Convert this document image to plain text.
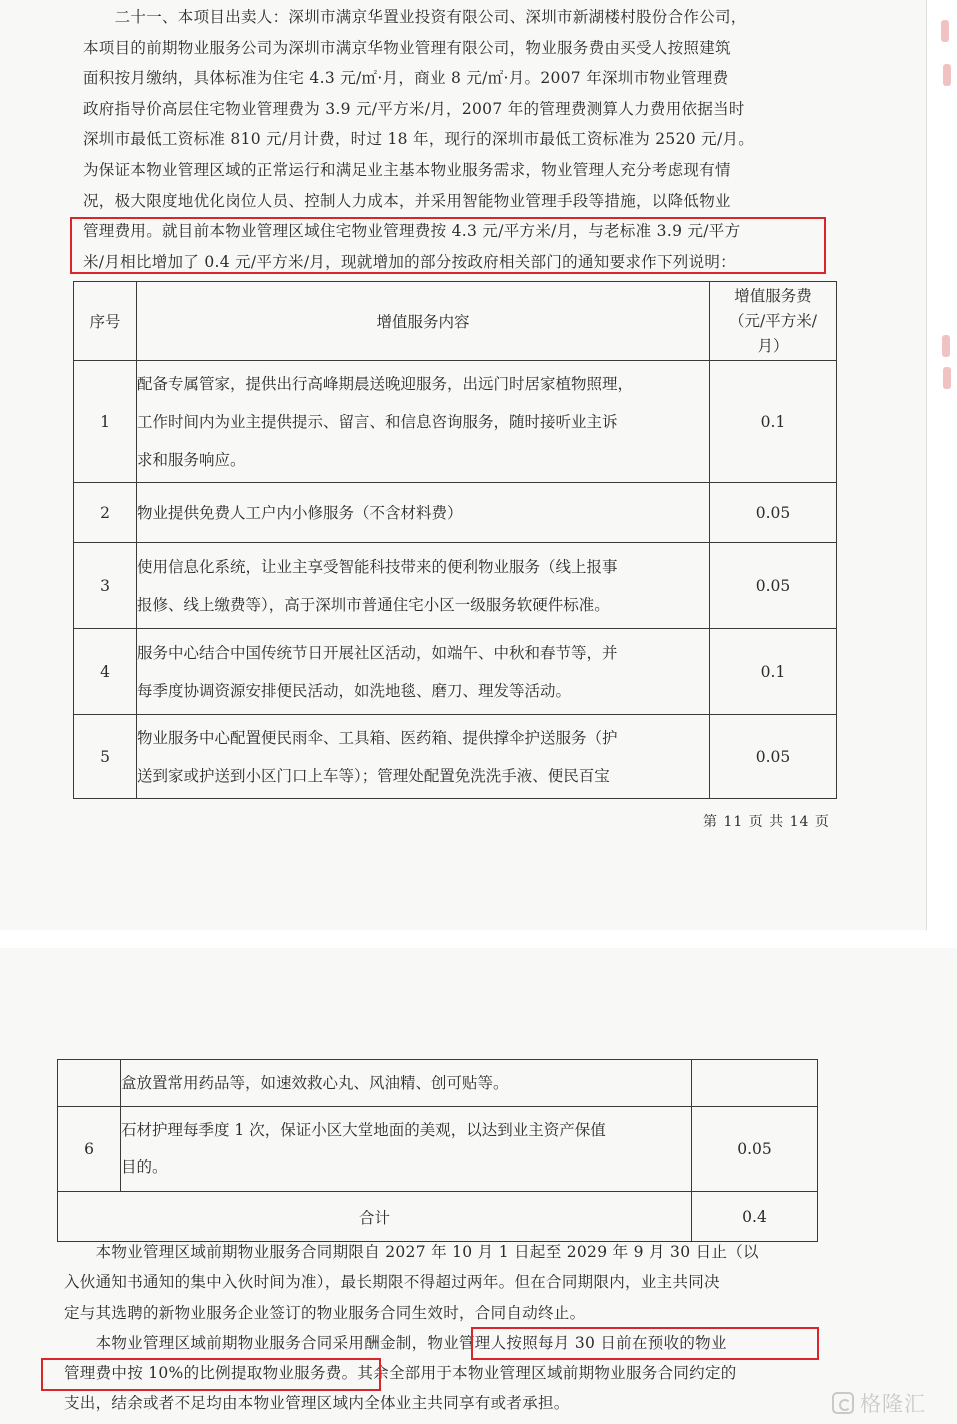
　　二十一、本项目出卖人：深圳市满京华置业投资有限公司、深圳市新湖楼村股份合作公司，
本项目的前期物业服务公司为深圳市满京华物业管理有限公司，物业服务费由买受人按照建筑
面积按月缴纳，具体标准为住宅 4.3 元/㎡·月，商业 8 元/㎡·月。2007 年深圳市物业管理费
政府指导价高层住宅物业管理费为 3.9 元/平方米/月，2007 年的管理费测算人力费用依据当时
深圳市最低工资标准 810 元/月计费，时过 18 年，现行的深圳市最低工资标准为 2520 元/月。
为保证本物业管理区域的正常运行和满足业主基本物业服务需求，物业管理人充分考虑现有情
况，极大限度地优化岗位人员、控制人力成本，并采用智能物业管理手段等措施，以降低物业
管理费用。就目前本物业管理区域住宅物业管理费按 4.3 元/平方米/月，与老标准 3.9 元/平方
米/月相比增加了 0.4 元/平方米/月，现就增加的部分按政府相关部门的通知要求作下列说明：
序号	增值服务内容	增值服务费
（元/平方米/
月）

1	配备专属管家，提供出行高峰期晨送晚迎服务，出远门时居家植物照理，
工作时间内为业主提供提示、留言、和信息咨询服务，随时接听业主诉
求和服务响应。	0.1
2	物业提供免费人工户内小修服务（不含材料费）	0.05
3	使用信息化系统，让业主享受智能科技带来的便利物业服务（线上报事
报修、线上缴费等），高于深圳市普通住宅小区一级服务软硬件标准。	0.05
4	服务中心结合中国传统节日开展社区活动，如端午、中秋和春节等，并
每季度协调资源安排便民活动，如洗地毯、磨刀、理发等活动。	0.1
5	物业服务中心配置便民雨伞、工具箱、医药箱、提供撑伞护送服务（护
送到家或护送到小区门口上车等）；管理处配置免洗洗手液、便民百宝	0.05
第 11 页 共 14 页

	盒放置常用药品等，如速效救心丸、风油精、创可贴等。	

6	石材护理每季度 1 次，保证小区大堂地面的美观，以达到业主资产保值
目的。	0.05
合计		0.4
　　本物业管理区域前期物业服务合同期限自 2027 年 10 月 1 日起至 2029 年 9 月 30 日止（以
入伙通知书通知的集中入伙时间为准），最长期限不得超过两年。但在合同期限内，业主共同决
定与其选聘的新物业服务企业签订的物业服务合同生效时，合同自动终止。
　　本物业管理区域前期物业服务合同采用酬金制，物业管理人按照每月 30 日前在预收的物业
管理费中按 10%的比例提取物业服务费。其余全部用于本物业管理区域前期物业服务合同约定的
支出，结余或者不足均由本物业管理区域内全体业主共同享有或者承担。	格隆汇
